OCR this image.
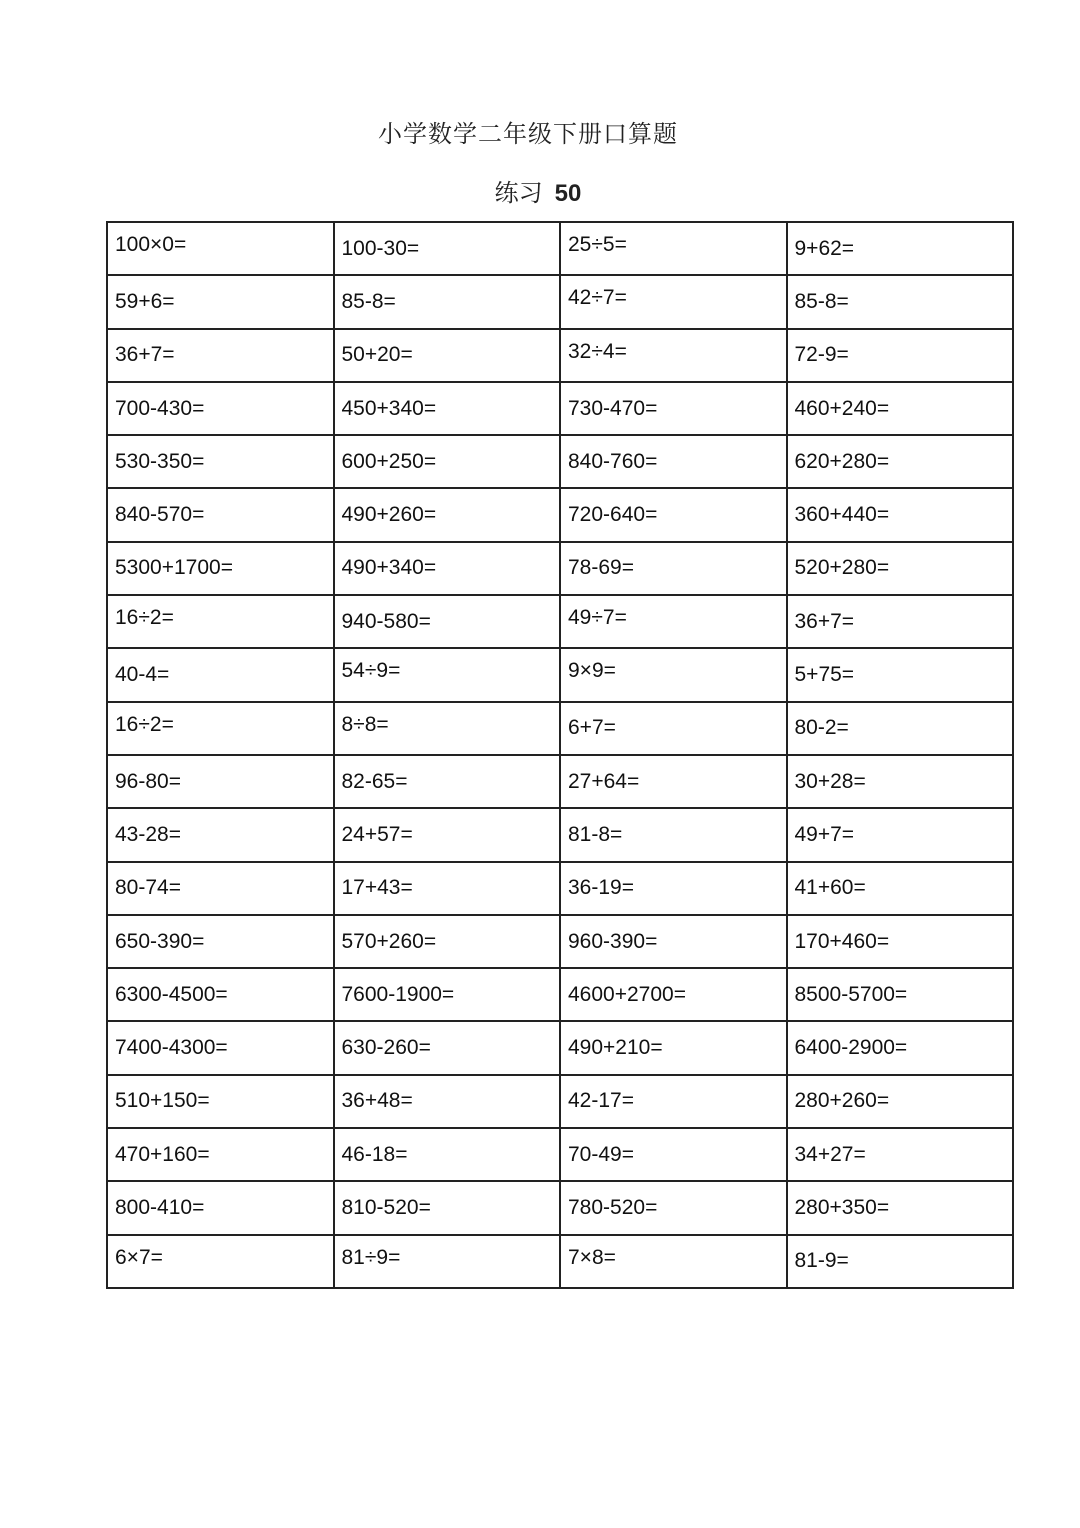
小学数学二年级下册口算题
练习 50
100×0=	100-30=	25÷5=	9+62=
59+6=	85-8=	42÷7=	85-8=
36+7=	50+20=	32÷4=	72-9=
700-430=	450+340=	730-470=	460+240=
530-350=	600+250=	840-760=	620+280=
840-570=	490+260=	720-640=	360+440=
5300+1700=	490+340=	78-69=	520+280=
16÷2=	940-580=	49÷7=	36+7=
40-4=	54÷9=	9×9=	5+75=
16÷2=	8÷8=	6+7=	80-2=
96-80=	82-65=	27+64=	30+28=
43-28=	24+57=	81-8=	49+7=
80-74=	17+43=	36-19=	41+60=
650-390=	570+260=	960-390=	170+460=
6300-4500=	7600-1900=	4600+2700=	8500-5700=
7400-4300=	630-260=	490+210=	6400-2900=
510+150=	36+48=	42-17=	280+260=
470+160=	46-18=	70-49=	34+27=
800-410=	810-520=	780-520=	280+350=
6×7=	81÷9=	7×8=	81-9=
